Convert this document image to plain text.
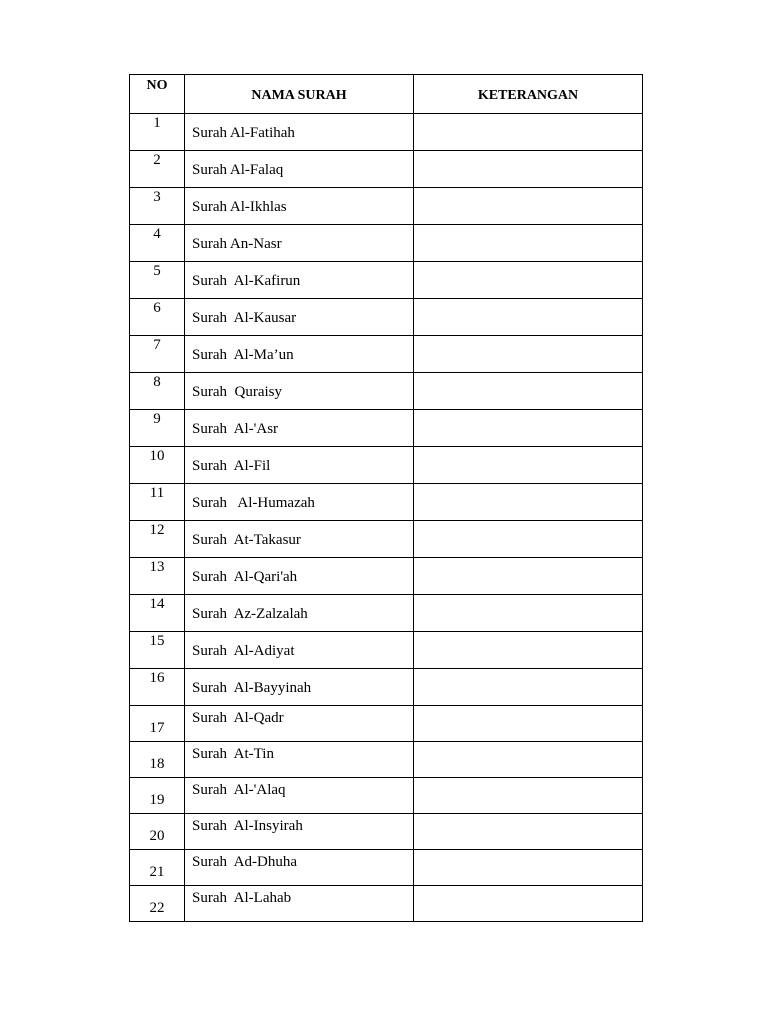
NO	NAMA SURAH	KETERANGAN
1	Surah Al-Fatihah	
2	Surah Al-Falaq	
3	Surah Al-Ikhlas	
4	Surah An-Nasr	
5	Surah  Al-Kafirun	
6	Surah  Al-Kausar	
7	Surah  Al-Ma’un	
8	Surah  Quraisy	
9	Surah  Al-'Asr	
10	Surah  Al-Fil	
11	Surah   Al-Humazah	
12	Surah  At-Takasur	
13	Surah  Al-Qari'ah	
14	Surah  Az-Zalzalah	
15	Surah  Al-Adiyat	
16	Surah  Al-Bayyinah	
17	Surah  Al-Qadr	
18	Surah  At-Tin	
19	Surah  Al-'Alaq	
20	Surah  Al-Insyirah	
21	Surah  Ad-Dhuha	
22	Surah  Al-Lahab	
